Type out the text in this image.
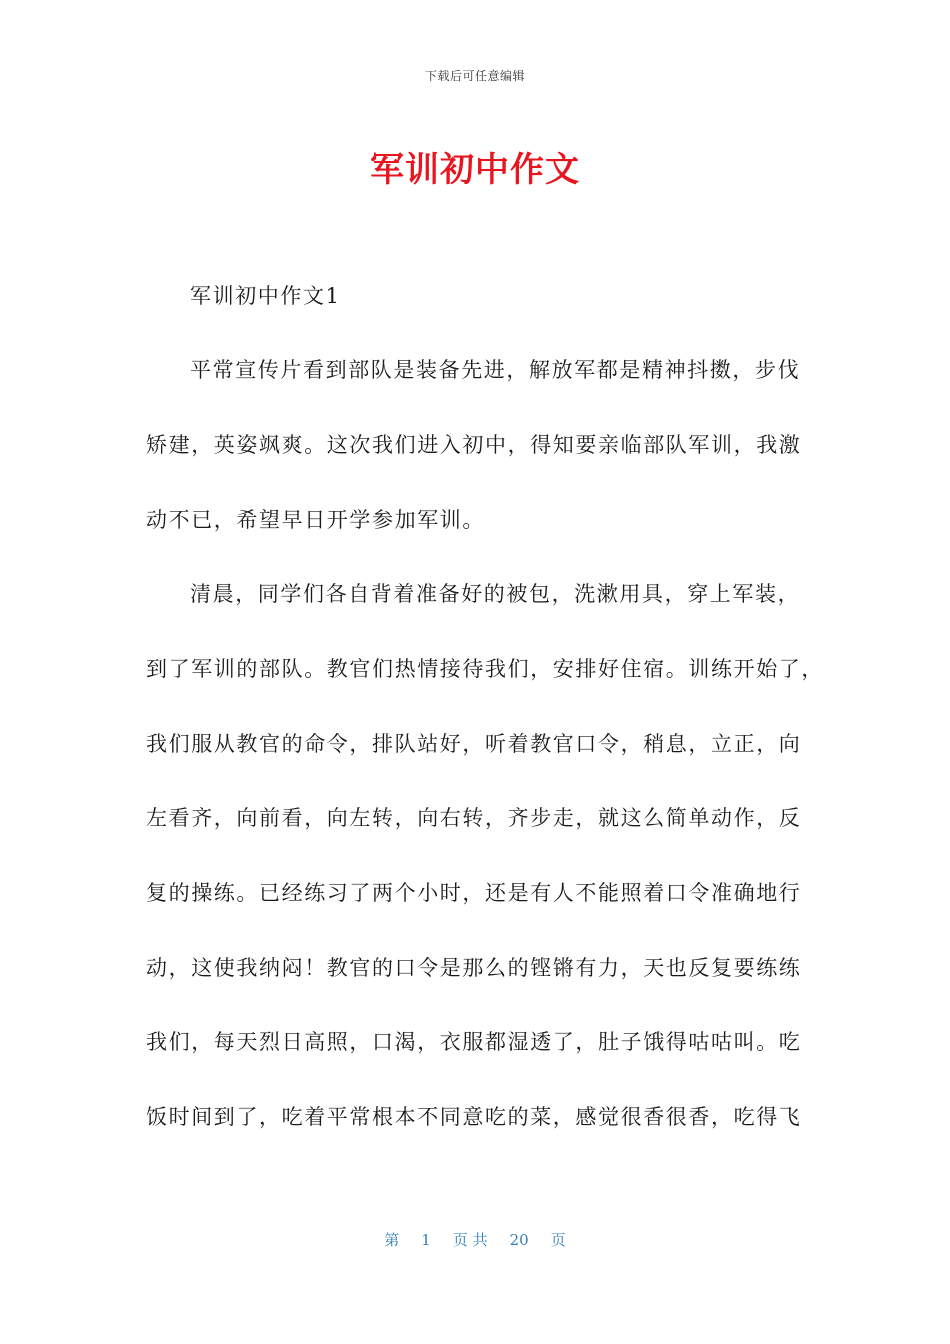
下载后可任意编辑
军训初中作文
军训初中作文1
平常宣传片看到部队是装备先进，解放军都是精神抖擞，步伐
矫建，英姿飒爽。这次我们进入初中，得知要亲临部队军训，我激
动不已，希望早日开学参加军训。
清晨，同学们各自背着准备好的被包，洗漱用具，穿上军装，
到了军训的部队。教官们热情接待我们，安排好住宿。训练开始了，
我们服从教官的命令，排队站好，听着教官口令，稍息，立正，向
左看齐，向前看，向左转，向右转，齐步走，就这么简单动作，反
复的操练。已经练习了两个小时，还是有人不能照着口令准确地行
动，这使我纳闷！教官的口令是那么的铿锵有力，天也反复要练练
我们，每天烈日高照，口渴，衣服都湿透了，肚子饿得咕咕叫。吃
饭时间到了，吃着平常根本不同意吃的菜，感觉很香很香，吃得飞
第 1 页 共 20 页
